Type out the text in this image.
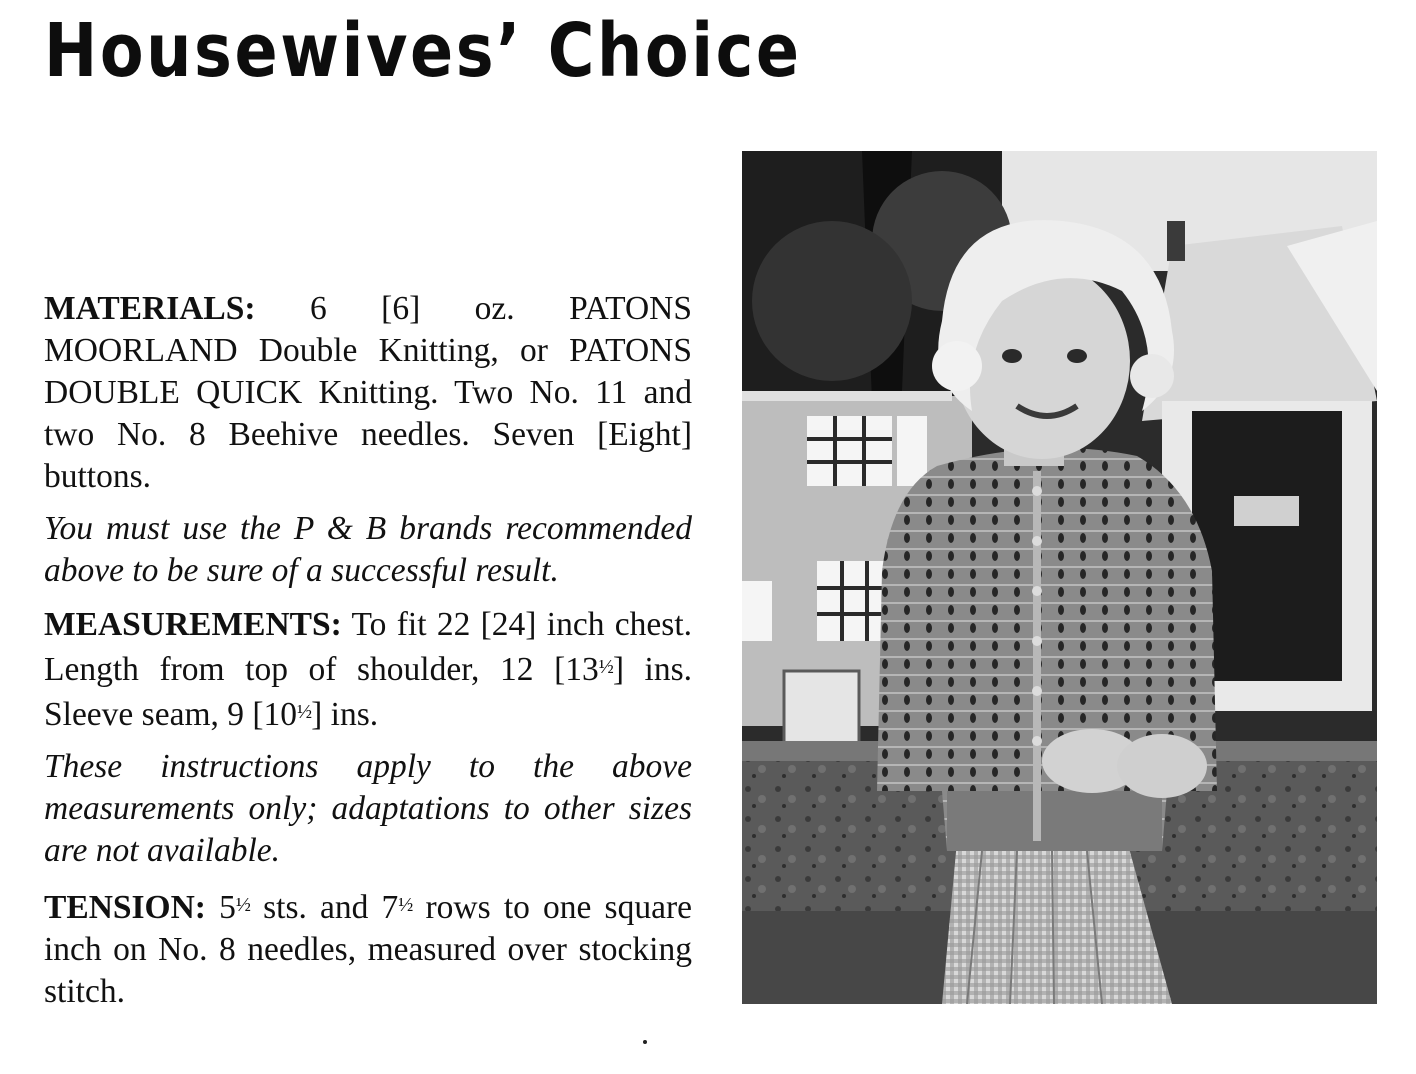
Housewives’ Choice

MATERIALS: 6 [6] oz. PATONS MOORLAND Double Knitting, or PATONS DOUBLE QUICK Knitting. Two No. 11 and two No. 8 Beehive needles. Seven [Eight] buttons.

You must use the P & B brands recommended above to be sure of a successful result.

MEASUREMENTS: To fit 22 [24] inch chest. Length from top of shoulder, 12 $[13^{\frac{1}{2}}]$ ins. Sleeve seam, 9 $[10^{\frac{1}{2}}]$ ins.

These instructions apply to the above measurements only; adaptations to other sizes are not available.

TENSION: $5^{\frac{1}{2}}$ sts. and $7^{\frac{1}{2}}$ rows to one square inch on No. 8 needles, measured over stocking stitch.
